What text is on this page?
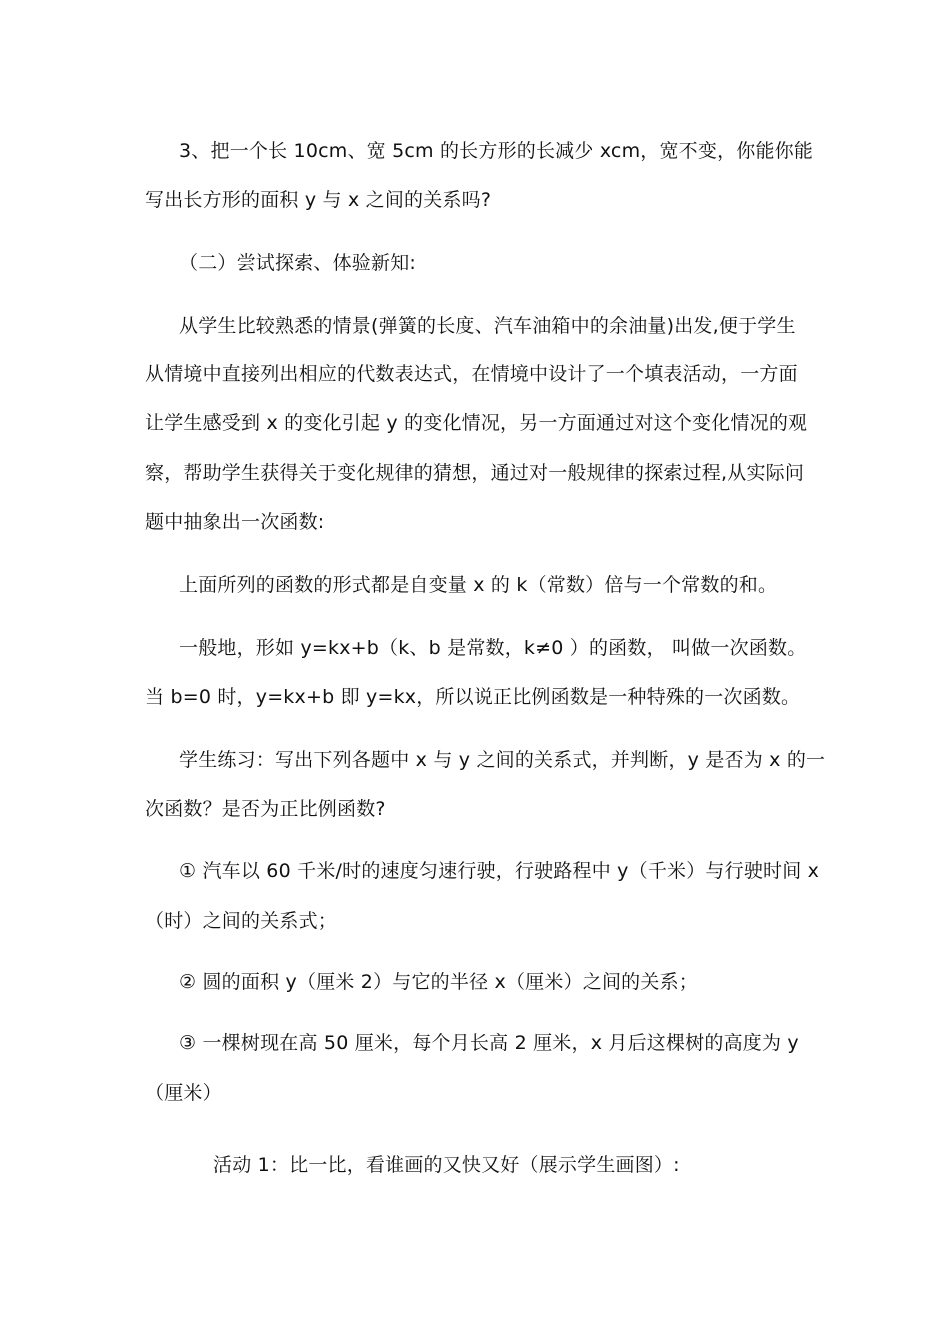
3、把一个长 10cm、宽 5cm 的长方形的长减少 xcm，宽不变，你能你能
写出长方形的面积 y 与 x 之间的关系吗?
（二）尝试探索、体验新知:
从学生比较熟悉的情景(弹簧的长度、汽车油箱中的余油量)出发,便于学生
从情境中直接列出相应的代数表达式，在情境中设计了一个填表活动，一方面
让学生感受到 x 的变化引起 y 的变化情况，另一方面通过对这个变化情况的观
察，帮助学生获得关于变化规律的猜想，通过对一般规律的探索过程,从实际问
题中抽象出一次函数:
上面所列的函数的形式都是自变量 x 的 k（常数）倍与一个常数的和。
一般地，形如 y=kx+b（k、b 是常数，k≠0 ）的函数， 叫做一次函数。
当 b=0 时，y=kx+b 即 y=kx，所以说正比例函数是一种特殊的一次函数。
学生练习：写出下列各题中 x 与 y 之间的关系式，并判断，y 是否为 x 的一
次函数？是否为正比例函数?
① 汽车以 60 千米/时的速度匀速行驶，行驶路程中 y（千米）与行驶时间 x
（时）之间的关系式；
② 圆的面积 y（厘米 2）与它的半径 x（厘米）之间的关系；
③ 一棵树现在高 50 厘米，每个月长高 2 厘米，x 月后这棵树的高度为 y
（厘米）
活动 1：比一比，看谁画的又快又好（展示学生画图）:
